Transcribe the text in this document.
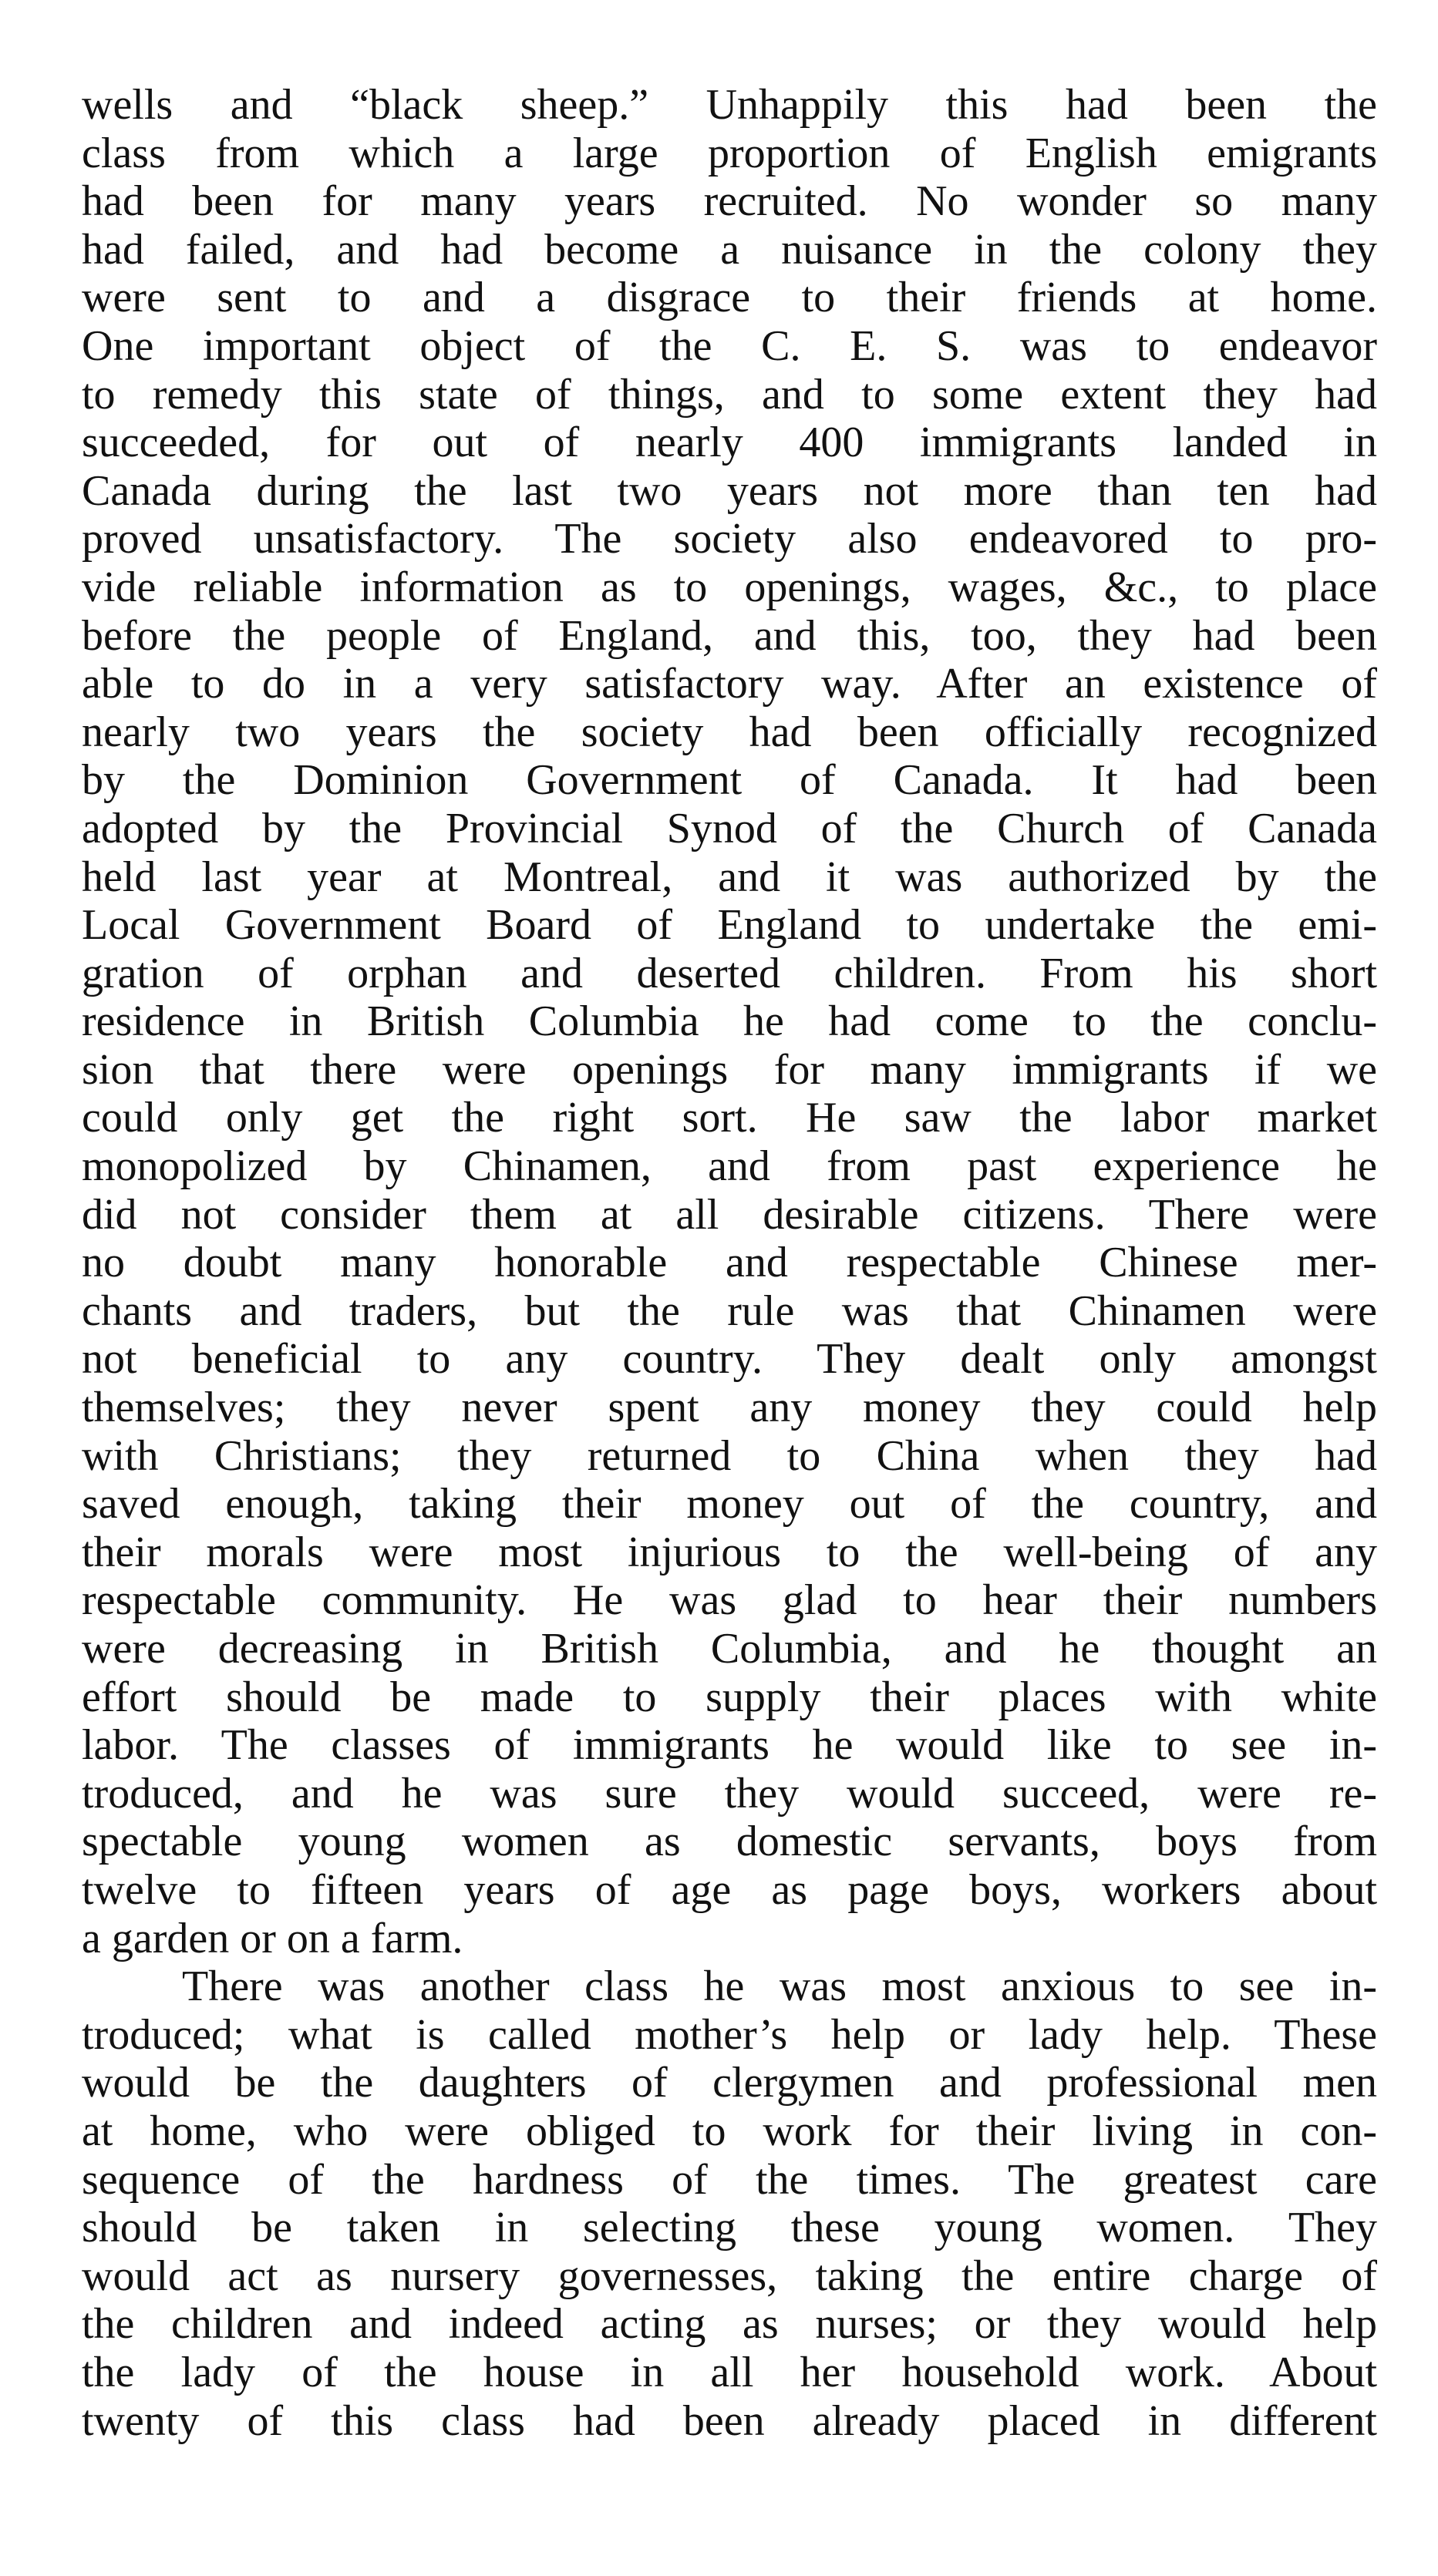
wells and “black sheep.” Unhappily this had been the
class from which a large proportion of English emigrants
had been for many years recruited. No wonder so many
had failed, and had become a nuisance in the colony they
were sent to and a disgrace to their friends at home.
One important object of the C. E. S. was to endeavor
to remedy this state of things, and to some extent they had
succeeded, for out of nearly 400 immigrants landed in
Canada during the last two years not more than ten had
proved unsatisfactory. The society also endeavored to pro-
vide reliable information as to openings, wages, &c., to place
before the people of England, and this, too, they had been
able to do in a very satisfactory way. After an existence of
nearly two years the society had been officially recognized
by the Dominion Government of Canada. It had been
adopted by the Provincial Synod of the Church of Canada
held last year at Montreal, and it was authorized by the
Local Government Board of England to undertake the emi-
gration of orphan and deserted children. From his short
residence in British Columbia he had come to the conclu-
sion that there were openings for many immigrants if we
could only get the right sort. He saw the labor market
monopolized by Chinamen, and from past experience he
did not consider them at all desirable citizens. There were
no doubt many honorable and respectable Chinese mer-
chants and traders, but the rule was that Chinamen were
not beneficial to any country. They dealt only amongst
themselves; they never spent any money they could help
with Christians; they returned to China when they had
saved enough, taking their money out of the country, and
their morals were most injurious to the well-being of any
respectable community. He was glad to hear their numbers
were decreasing in British Columbia, and he thought an
effort should be made to supply their places with white
labor. The classes of immigrants he would like to see in-
troduced, and he was sure they would succeed, were re-
spectable young women as domestic servants, boys from
twelve to fifteen years of age as page boys, workers about
a garden or on a farm.
There was another class he was most anxious to see in-
troduced; what is called mother’s help or lady help. These
would be the daughters of clergymen and professional men
at home, who were obliged to work for their living in con-
sequence of the hardness of the times. The greatest care
should be taken in selecting these young women. They
would act as nursery governesses, taking the entire charge of
the children and indeed acting as nurses; or they would help
the lady of the house in all her household work. About
twenty of this class had been already placed in different
